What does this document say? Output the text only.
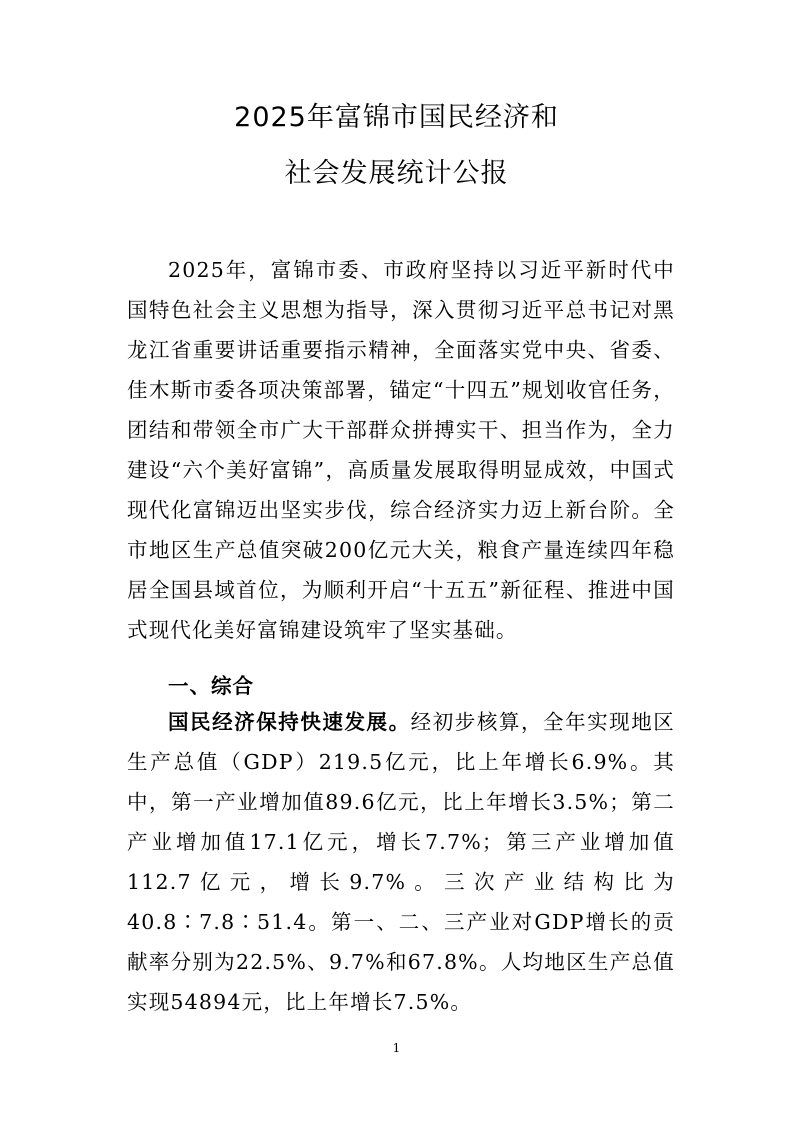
2025年富锦市国民经济和
社会发展统计公报

2025年，富锦市委、市政府坚持以习近平新时代中国特色社会主义思想为指导，深入贯彻习近平总书记对黑龙江省重要讲话重要指示精神，全面落实党中央、省委、佳木斯市委各项决策部署，锚定“十四五”规划收官任务，团结和带领全市广大干部群众拼搏实干、担当作为，全力建设“六个美好富锦”，高质量发展取得明显成效，中国式现代化富锦迈出坚实步伐，综合经济实力迈上新台阶。全市地区生产总值突破200亿元大关，粮食产量连续四年稳居全国县域首位，为顺利开启“十五五”新征程、推进中国式现代化美好富锦建设筑牢了坚实基础。

一、综合

国民经济保持快速发展。经初步核算，全年实现地区生产总值（GDP）219.5亿元，比上年增长6.9%。其中，第一产业增加值89.6亿元，比上年增长3.5%；第二产业增加值17.1亿元，增长7.7%；第三产业增加值112.7亿元，增长9.7%。三次产业结构比为40.8∶7.8∶51.4。第一、二、三产业对GDP增长的贡献率分别为22.5%、9.7%和67.8%。人均地区生产总值实现54894元，比上年增长7.5%。

1
